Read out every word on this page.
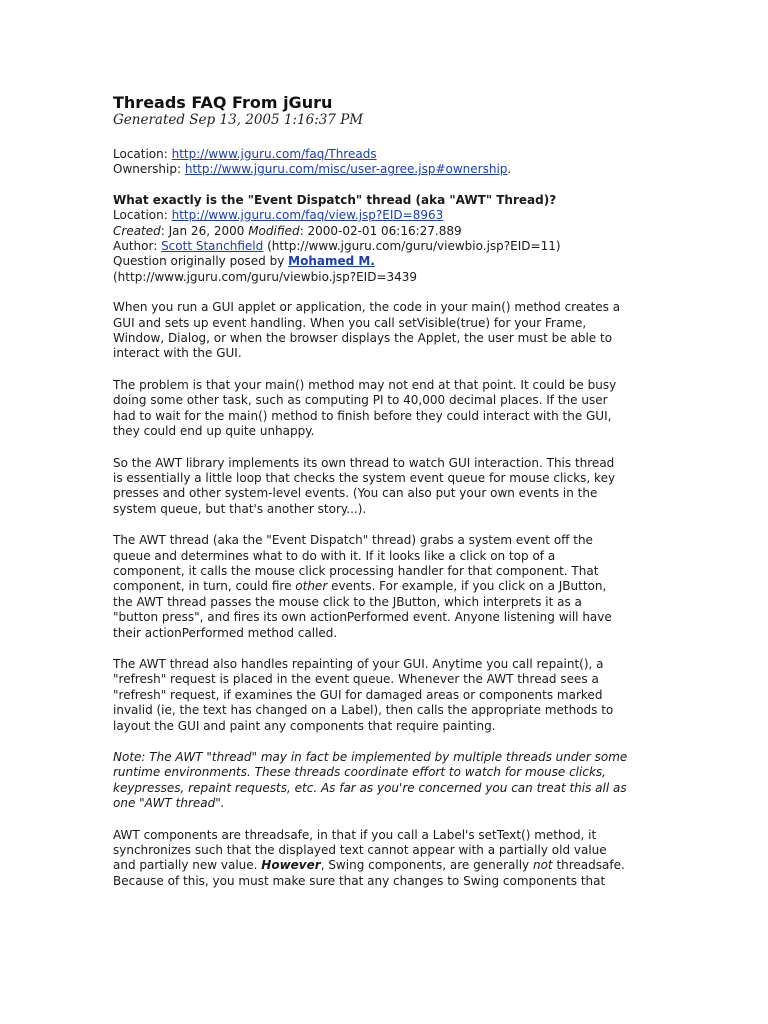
Threads FAQ From jGuru

Generated Sep 13, 2005 1:16:37 PM

Location: http://www.jguru.com/faq/Threads

Ownership: http://www.jguru.com/misc/user-agree.jsp#ownership.

What exactly is the "Event Dispatch" thread (aka "AWT" Thread)?

Location: http://www.jguru.com/faq/view.jsp?EID=8963

Created: Jan 26, 2000 Modified: 2000-02-01 06:16:27.889

Author: Scott Stanchfield (http://www.jguru.com/guru/viewbio.jsp?EID=11)

Question originally posed by Mohamed M.

(http://www.jguru.com/guru/viewbio.jsp?EID=3439

When you run a GUI applet or application, the code in your main() method creates a

GUI and sets up event handling. When you call setVisible(true) for your Frame,

Window, Dialog, or when the browser displays the Applet, the user must be able to

interact with the GUI.

The problem is that your main() method may not end at that point. It could be busy

doing some other task, such as computing PI to 40,000 decimal places. If the user

had to wait for the main() method to finish before they could interact with the GUI,

they could end up quite unhappy.

So the AWT library implements its own thread to watch GUI interaction. This thread

is essentially a little loop that checks the system event queue for mouse clicks, key

presses and other system-level events. (You can also put your own events in the

system queue, but that's another story...).

The AWT thread (aka the "Event Dispatch" thread) grabs a system event off the

queue and determines what to do with it. If it looks like a click on top of a

component, it calls the mouse click processing handler for that component. That

component, in turn, could fire other events. For example, if you click on a JButton,

the AWT thread passes the mouse click to the JButton, which interprets it as a

"button press", and fires its own actionPerformed event. Anyone listening will have

their actionPerformed method called.

The AWT thread also handles repainting of your GUI. Anytime you call repaint(), a

"refresh" request is placed in the event queue. Whenever the AWT thread sees a

"refresh" request, if examines the GUI for damaged areas or components marked

invalid (ie, the text has changed on a Label), then calls the appropriate methods to

layout the GUI and paint any components that require painting.

Note: The AWT "thread" may in fact be implemented by multiple threads under some

runtime environments. These threads coordinate effort to watch for mouse clicks,

keypresses, repaint requests, etc. As far as you're concerned you can treat this all as

one "AWT thread".

AWT components are threadsafe, in that if you call a Label's setText() method, it

synchronizes such that the displayed text cannot appear with a partially old value

and partially new value. However, Swing components, are generally not threadsafe.

Because of this, you must make sure that any changes to Swing components that
